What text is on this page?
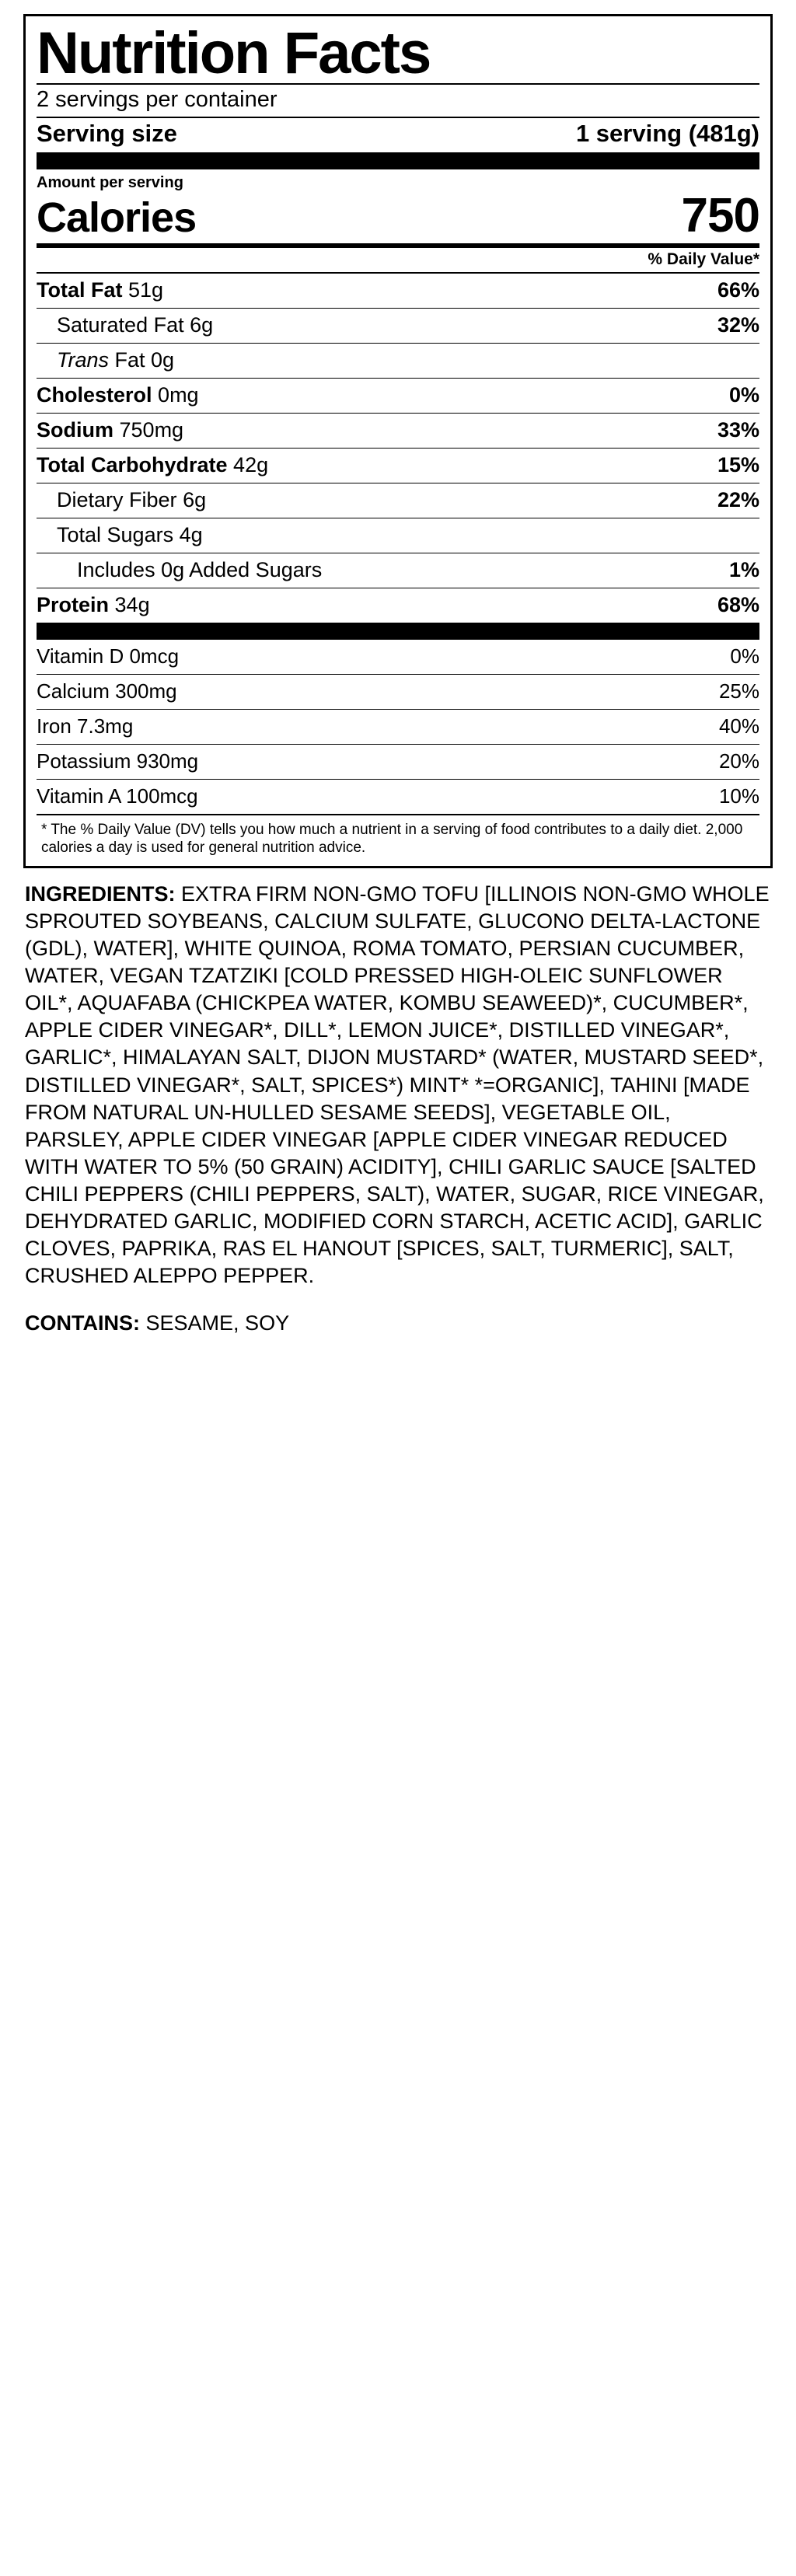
Nutrition Facts
2 servings per container
Serving size	1 serving (481g)
Amount per serving
Calories	750
% Daily Value*
Total Fat 51g	66%
Saturated Fat 6g	32%
Trans Fat 0g
Cholesterol 0mg	0%
Sodium 750mg	33%
Total Carbohydrate 42g	15%
Dietary Fiber 6g	22%
Total Sugars 4g
Includes 0g Added Sugars	1%
Protein 34g	68%
Vitamin D 0mcg	0%
Calcium 300mg	25%
Iron 7.3mg	40%
Potassium 930mg	20%
Vitamin A 100mcg	10%
* The % Daily Value (DV) tells you how much a nutrient in a serving of food contributes to a daily diet. 2,000 calories a day is used for general nutrition advice.
INGREDIENTS: EXTRA FIRM NON-GMO TOFU [ILLINOIS NON-GMO WHOLE SPROUTED SOYBEANS, CALCIUM SULFATE, GLUCONO DELTA-LACTONE (GDL), WATER], WHITE QUINOA, ROMA TOMATO, PERSIAN CUCUMBER, WATER, VEGAN TZATZIKI [COLD PRESSED HIGH-OLEIC SUNFLOWER OIL*, AQUAFABA (CHICKPEA WATER, KOMBU SEAWEED)*, CUCUMBER*, APPLE CIDER VINEGAR*, DILL*, LEMON JUICE*, DISTILLED VINEGAR*, GARLIC*, HIMALAYAN SALT, DIJON MUSTARD* (WATER, MUSTARD SEED*, DISTILLED VINEGAR*, SALT, SPICES*) MINT* *=ORGANIC], TAHINI [MADE FROM NATURAL UN-HULLED SESAME SEEDS], VEGETABLE OIL, PARSLEY, APPLE CIDER VINEGAR [APPLE CIDER VINEGAR REDUCED WITH WATER TO 5% (50 GRAIN) ACIDITY], CHILI GARLIC SAUCE [SALTED CHILI PEPPERS (CHILI PEPPERS, SALT), WATER, SUGAR, RICE VINEGAR, DEHYDRATED GARLIC, MODIFIED CORN STARCH, ACETIC ACID], GARLIC CLOVES, PAPRIKA, RAS EL HANOUT [SPICES, SALT, TURMERIC], SALT, CRUSHED ALEPPO PEPPER.
CONTAINS: SESAME, SOY
